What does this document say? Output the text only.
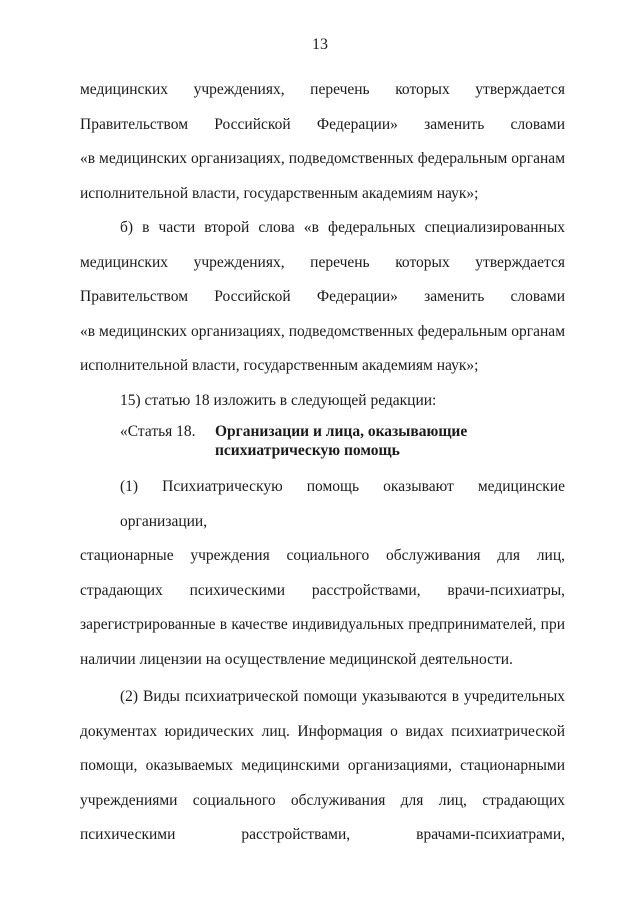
13
медицинских учреждениях, перечень которых утверждается
Правительством Российской Федерации» заменить словами
«в медицинских организациях, подведомственных федеральным органам
исполнительной власти, государственным академиям наук»;
б) в части второй слова «в федеральных специализированных
медицинских учреждениях, перечень которых утверждается
Правительством Российской Федерации» заменить словами
«в медицинских организациях, подведомственных федеральным органам
исполнительной власти, государственным академиям наук»;
15) статью 18 изложить в следующей редакции:
«Статья 18.	Организации и лица, оказывающие психиатрическую помощь
(1) Психиатрическую помощь оказывают медицинские организации,
стационарные учреждения социального обслуживания для лиц,
страдающих психическими расстройствами, врачи-психиатры,
зарегистрированные в качестве индивидуальных предпринимателей, при
наличии лицензии на осуществление медицинской деятельности.
(2) Виды психиатрической помощи указываются в учредительных
документах юридических лиц. Информация о видах психиатрической
помощи, оказываемых медицинскими организациями, стационарными
учреждениями социального обслуживания для лиц, страдающих
психическими расстройствами, врачами-психиатрами,
